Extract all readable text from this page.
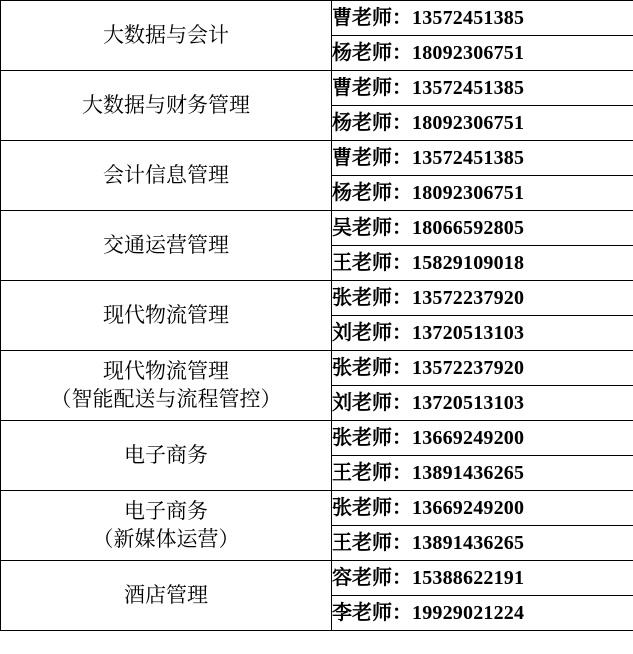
大数据与会计	曹老师：13572451385
	杨老师：18092306751

大数据与财务管理	曹老师：13572451385
	杨老师：18092306751

会计信息管理	曹老师：13572451385
	杨老师：18092306751

交通运营管理	吴老师：18066592805
	王老师：15829109018

现代物流管理	张老师：13572237920
	刘老师：13720513103

现代物流管理
（智能配送与流程管控）	张老师：13572237920
	刘老师：13720513103

电子商务	张老师：13669249200
	王老师：13891436265

电子商务
（新媒体运营）	张老师：13669249200
	王老师：13891436265

酒店管理	容老师：15388622191
	李老师：19929021224
